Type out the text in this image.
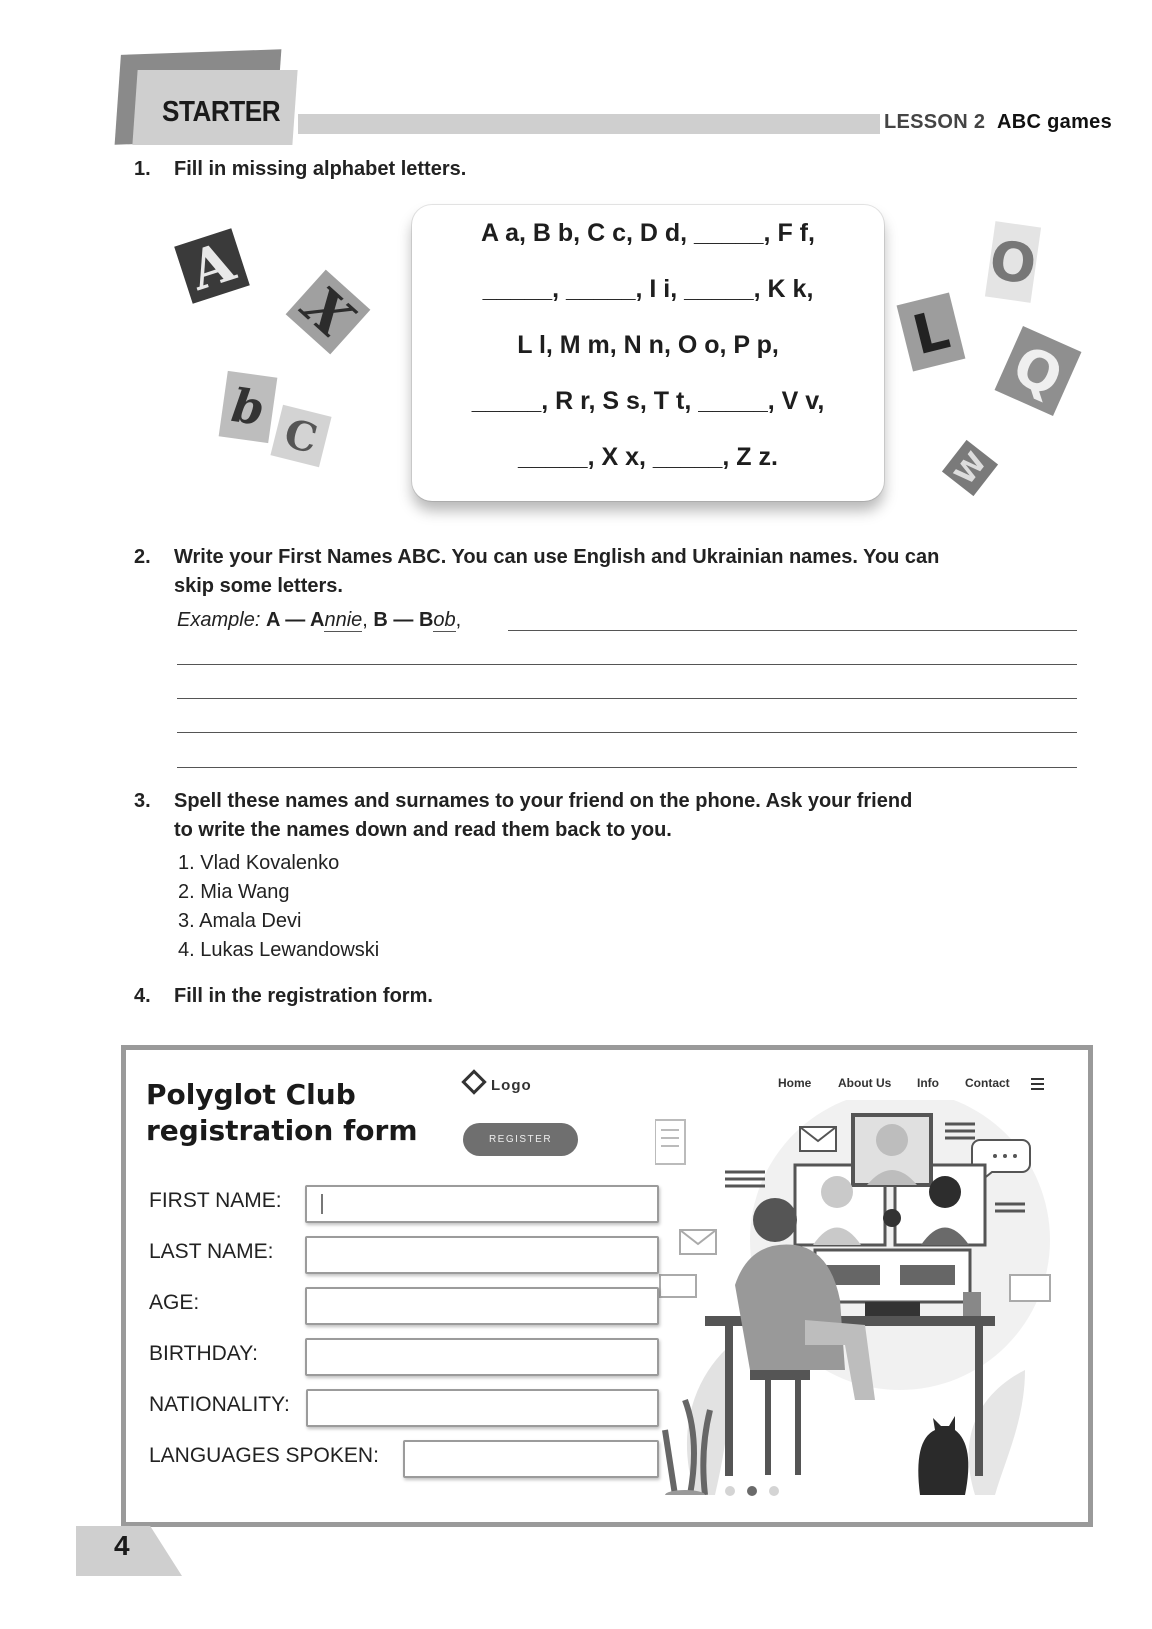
STARTER	LESSON 2 ABC games
1. Fill in missing alphabet letters.
A
X
b
C
O
L
Q
W
A a, B b, C c, D d, _____, F f,
_____, _____, I i, _____, K k,
L l, M m, N n, O o, P p,
_____, R r, S s, T t, _____, V v,
_____, X x, _____, Z z.
2. Write your First Names ABC. You can use English and Ukrainian names. You can
skip some letters.
Example: A — Annie, B — Bob,
3. Spell these names and surnames to your friend on the phone. Ask your friend
to write the names down and read them back to you.
1. Vlad Kovalenko
2. Mia Wang
3. Amala Devi
4. Lukas Lewandowski
4. Fill in the registration form.
Polyglot Club
registration form
Logo
REGISTER
Home About Us Info Contact
FIRST NAME:
LAST NAME:
AGE:
BIRTHDAY:
NATIONALITY:
LANGUAGES SPOKEN:
4
